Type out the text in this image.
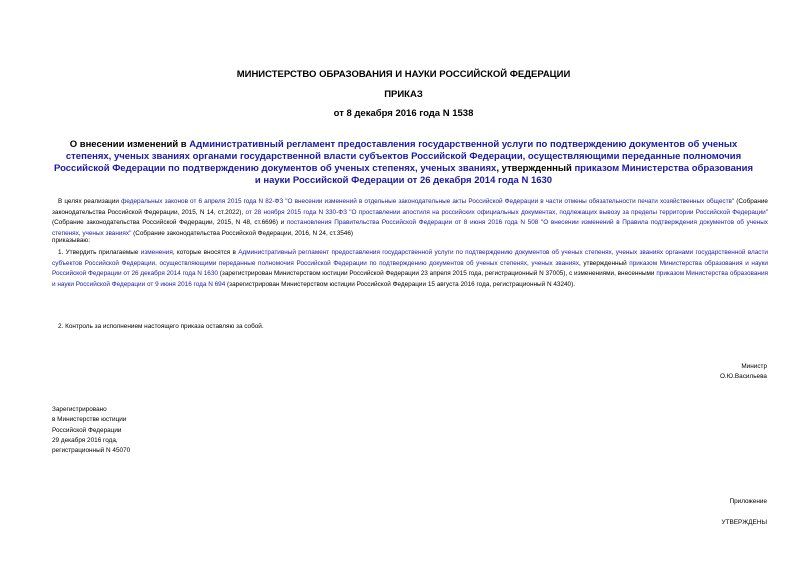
МИНИСТЕРСТВО ОБРАЗОВАНИЯ И НАУКИ РОССИЙСКОЙ ФЕДЕРАЦИИ

ПРИКАЗ

от 8 декабря 2016 года N 1538

О внесении изменений в Административный регламент предоставления государственной услуги по подтверждению документов об ученых степенях, ученых званиях органами государственной власти субъектов Российской Федерации, осуществляющими переданные полномочия Российской Федерации по подтверждению документов об ученых степенях, ученых званиях, утвержденный приказом Министерства образования и науки Российской Федерации от 26 декабря 2014 года N 1630

В целях реализации федеральных законов от 6 апреля 2015 года N 82-ФЗ "О внесении изменений в отдельные законодательные акты Российской Федерации в части отмены обязательности печати хозяйственных обществ" (Собрание законодательства Российской Федерации, 2015, N 14, ст.2022), от 28 ноября 2015 года N 330-ФЗ "О проставлении апостиля на российских официальных документах, подлежащих вывозу за пределы территории Российской Федерации" (Собрание законодательства Российской Федерации, 2015, N 48, ст.6696) и постановления Правительства Российской Федерации от 8 июня 2016 года N 508 "О внесении изменений в Правила подтверждения документов об ученых степенях, ученых званиях" (Собрание законодательства Российской Федерации, 2016, N 24, ст.3546)

приказываю:

1. Утвердить прилагаемые изменения, которые вносятся в Административный регламент предоставления государственной услуги по подтверждению документов об ученых степенях, ученых званиях органами государственной власти субъектов Российской Федерации, осуществляющими переданные полномочия Российской Федерации по подтверждению документов об ученых степенях, ученых званиях, утвержденный приказом Министерства образования и науки Российской Федерации от 26 декабря 2014 года N 1630 (зарегистрирован Министерством юстиции Российской Федерации 23 апреля 2015 года, регистрационный N 37005), с изменениями, внесенными приказом Министерства образования и науки Российской Федерации от 9 июня 2016 года N 694 (зарегистрирован Министерством юстиции Российской Федерации 15 августа 2016 года, регистрационный N 43240).

2. Контроль за исполнением настоящего приказа оставляю за собой.

Министр
О.Ю.Васильева

Зарегистрировано
в Министерстве юстиции
Российской Федерации
29 декабря 2016 года,
регистрационный N 45070

Приложение

УТВЕРЖДЕНЫ
